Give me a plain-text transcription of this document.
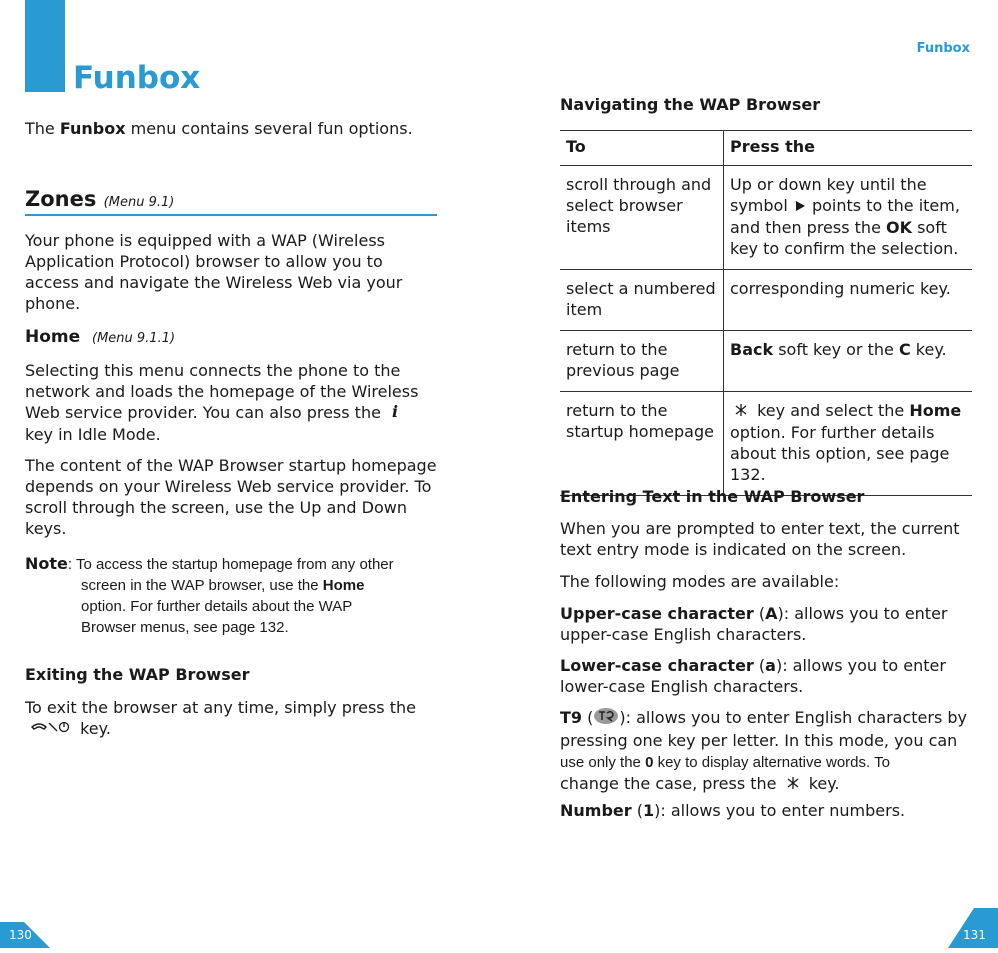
Funbox
Funbox

The Funbox menu contains several fun options.

Zones (Menu 9.1)

Your phone is equipped with a WAP (Wireless Application Protocol) browser to allow you to access and navigate the Wireless Web via your phone.

Home (Menu 9.1.1)

Selecting this menu connects the phone to the network and loads the homepage of the Wireless Web service provider. You can also press the i
key in Idle Mode.

The content of the WAP Browser startup homepage depends on your Wireless Web service provider. To scroll through the screen, use the Up and Down keys.

Note: To access the startup homepage from any other
screen in the WAP browser, use the Home
option. For further details about the WAP
Browser menus, see page 132.
Exiting the WAP Browser

To exit the browser at any time, simply press the
key.

Navigating the WAP Browser
To	Press the
scroll through and select browser items	Up or down key until the symbol points to the item, and then press the OK soft key to confirm the selection.
select a numbered item	corresponding numeric key.
return to the previous page	Back soft key or the C key.
return to the startup homepage	key and select the Home option. For further details about this option, see page 132.
Entering Text in the WAP Browser

When you are prompted to enter text, the current text entry mode is indicated on the screen.

The following modes are available:

Upper-case character (A): allows you to enter upper-case English characters.

Lower-case character (a): allows you to enter lower-case English characters.

T9 ( ): allows you to enter English characters by pressing one key per letter. In this mode, you can
use only the 0 key to display alternative words. To
change the case, press the key.

Number (1): allows you to enter numbers.

130	131
